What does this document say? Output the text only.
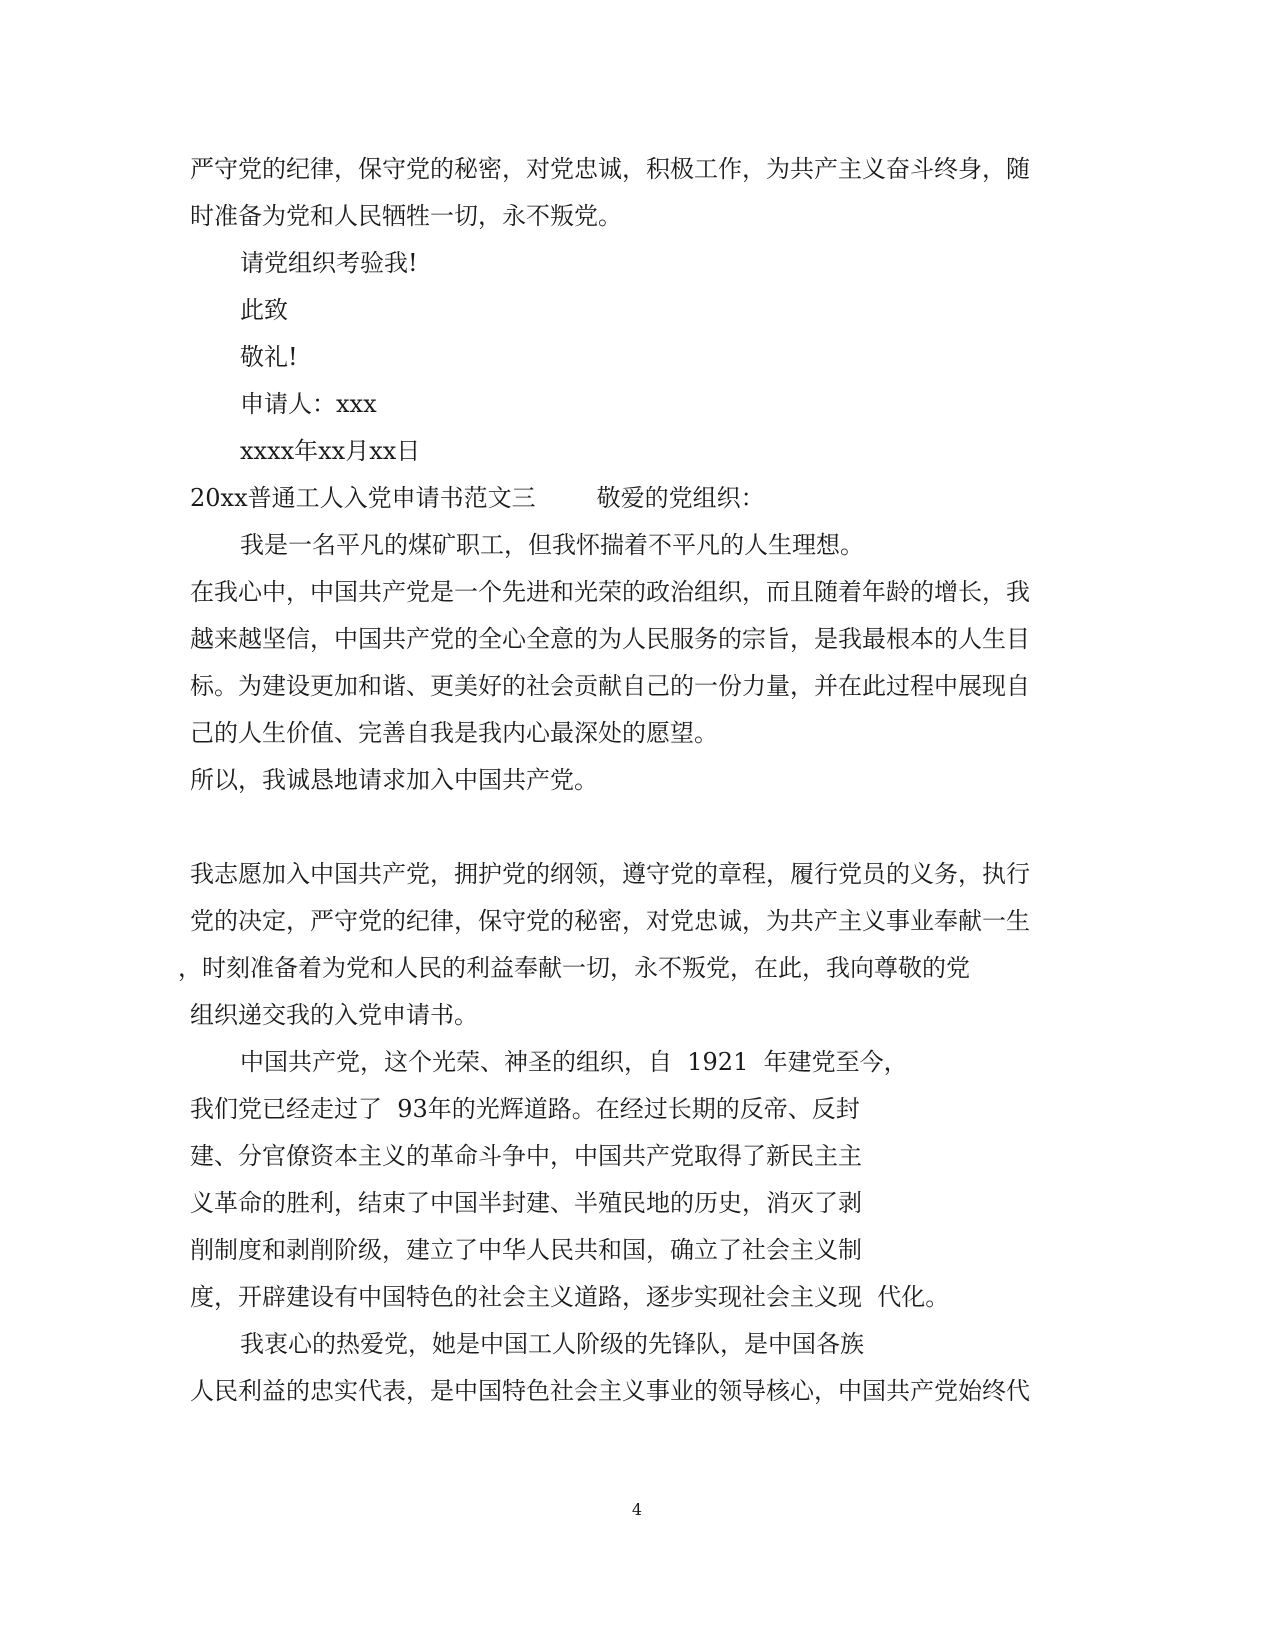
严守党的纪律，保守党的秘密，对党忠诚，积极工作，为共产主义奋斗终身，随
时准备为党和人民牺牲一切，永不叛党。
请党组织考验我!
此致
敬礼!
申请人：xxx
xxxx年xx月xx日
20xx普通工人入党申请书范文三        敬爱的党组织：
我是一名平凡的煤矿职工，但我怀揣着不平凡的人生理想。
在我心中，中国共产党是一个先进和光荣的政治组织，而且随着年龄的增长，我
越来越坚信，中国共产党的全心全意的为人民服务的宗旨，是我最根本的人生目
标。为建设更加和谐、更美好的社会贡献自己的一份力量，并在此过程中展现自
己的人生价值、完善自我是我内心最深处的愿望。
所以，我诚恳地请求加入中国共产党。
我志愿加入中国共产党，拥护党的纲领，遵守党的章程，履行党员的义务，执行
党的决定，严守党的纪律，保守党的秘密，对党忠诚，为共产主义事业奉献一生
，时刻准备着为党和人民的利益奉献一切，永不叛党，在此，我向尊敬的党
组织递交我的入党申请书。
中国共产党，这个光荣、神圣的组织，自  1921  年建党至今，
我们党已经走过了  93年的光辉道路。在经过长期的反帝、反封
建、分官僚资本主义的革命斗争中，中国共产党取得了新民主主
义革命的胜利，结束了中国半封建、半殖民地的历史，消灭了剥
削制度和剥削阶级，建立了中华人民共和国，确立了社会主义制
度，开辟建设有中国特色的社会主义道路，逐步实现社会主义现  代化。
我衷心的热爱党，她是中国工人阶级的先锋队，是中国各族
人民利益的忠实代表，是中国特色社会主义事业的领导核心，中国共产党始终代
4
